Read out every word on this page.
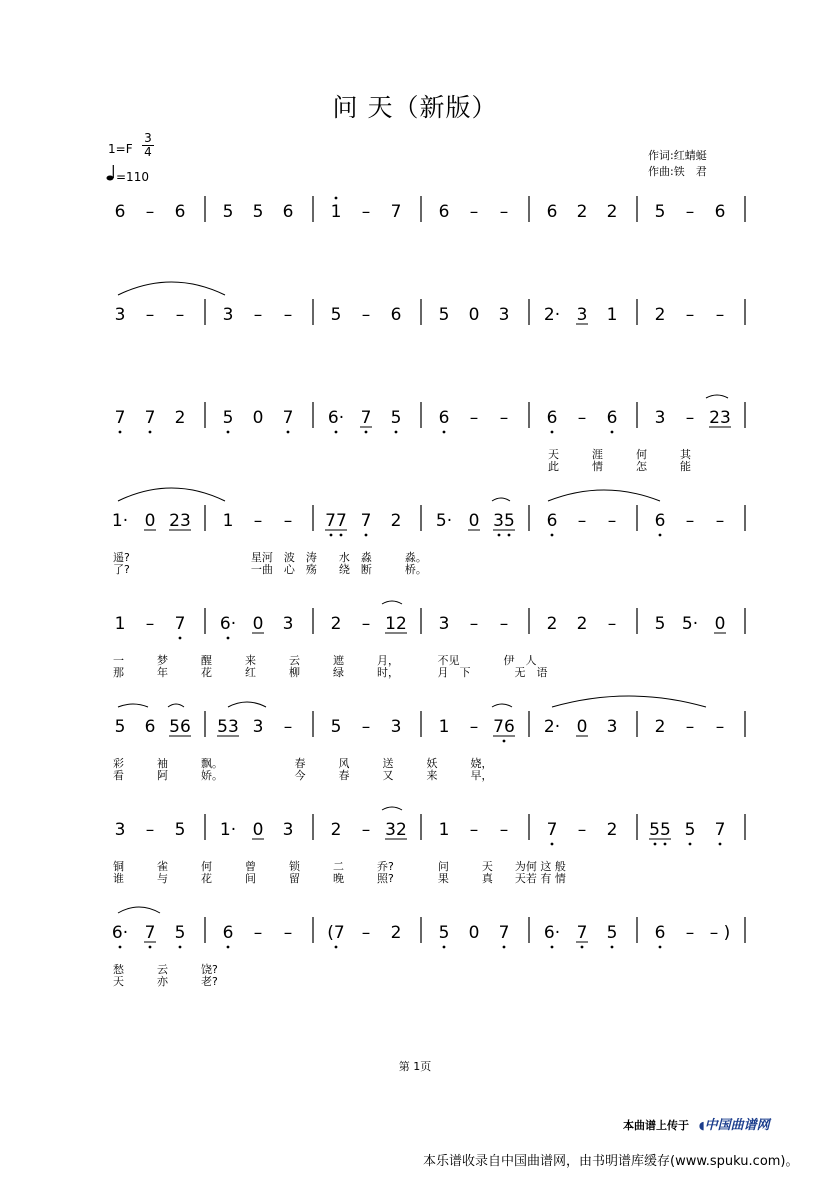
问 天（新版）
1=F
3
4
=110
作词:红蜻蜓
作曲:铁　君
6 – 6 5 5 6 1 – 7 6 – – 6 2 2 5 – 6
3 – – 3 – – 5 – 6 5 0 3 2· 3 1 2 – –
7 7 2 5 0 7 6· 7 5 6 – – 6 – 6 3 – 23
天　　　涯　　　何　　　其
此　　　情　　　怎　　　能
1· 0 23 1 – – 77 7 2 5· 0 35 6 – – 6 – –
遥?　　　　　　　　　　　星河　波　涛　　水　淼　　　淼。
了?　　　　　　　　　　　一曲　心　殇　　绕　断　　　桥。
1 – 7 6· 0 3 2 – 12 3 – – 2 2 – 5 5· 0
一　　　梦　　　醒　　　来　　　云　　　遮　　　月，　　　　不见　　　　伊　人
那　　　年　　　花　　　红　　　柳　　　绿　　　时，　　　　月　下　　　　无　语
5 6 56 53 3 – 5 – 3 1 – 76 2· 0 3 2 – –
彩　　　袖　　　飘。　　　　　　　春　　　风　　　送　　　妖　　　娆，
看　　　阿　　　娇。　　　　　　　今　　　春　　　又　　　来　　　早，
3 – 5 1· 0 3 2 – 32 1 – – 7 – 2 55 5 7
铜　　　雀　　　何　　　曾　　　锁　　　二　　　乔?　　　　问　　　天　　为何 这 般
谁　　　与　　　花　　　间　　　留　　　晚　　　照?　　　　果　　　真　　天若 有 情
6· 7 5 6 – – (7 – 2 5 0 7 6· 7 5 6 – – )
愁　　　云　　　饶?
天　　　亦　　　老?
第 1页
本曲谱上传于 ◖中国曲谱网
本乐谱收录自中国曲谱网，由书明谱库缓存(www.spuku.com)。
